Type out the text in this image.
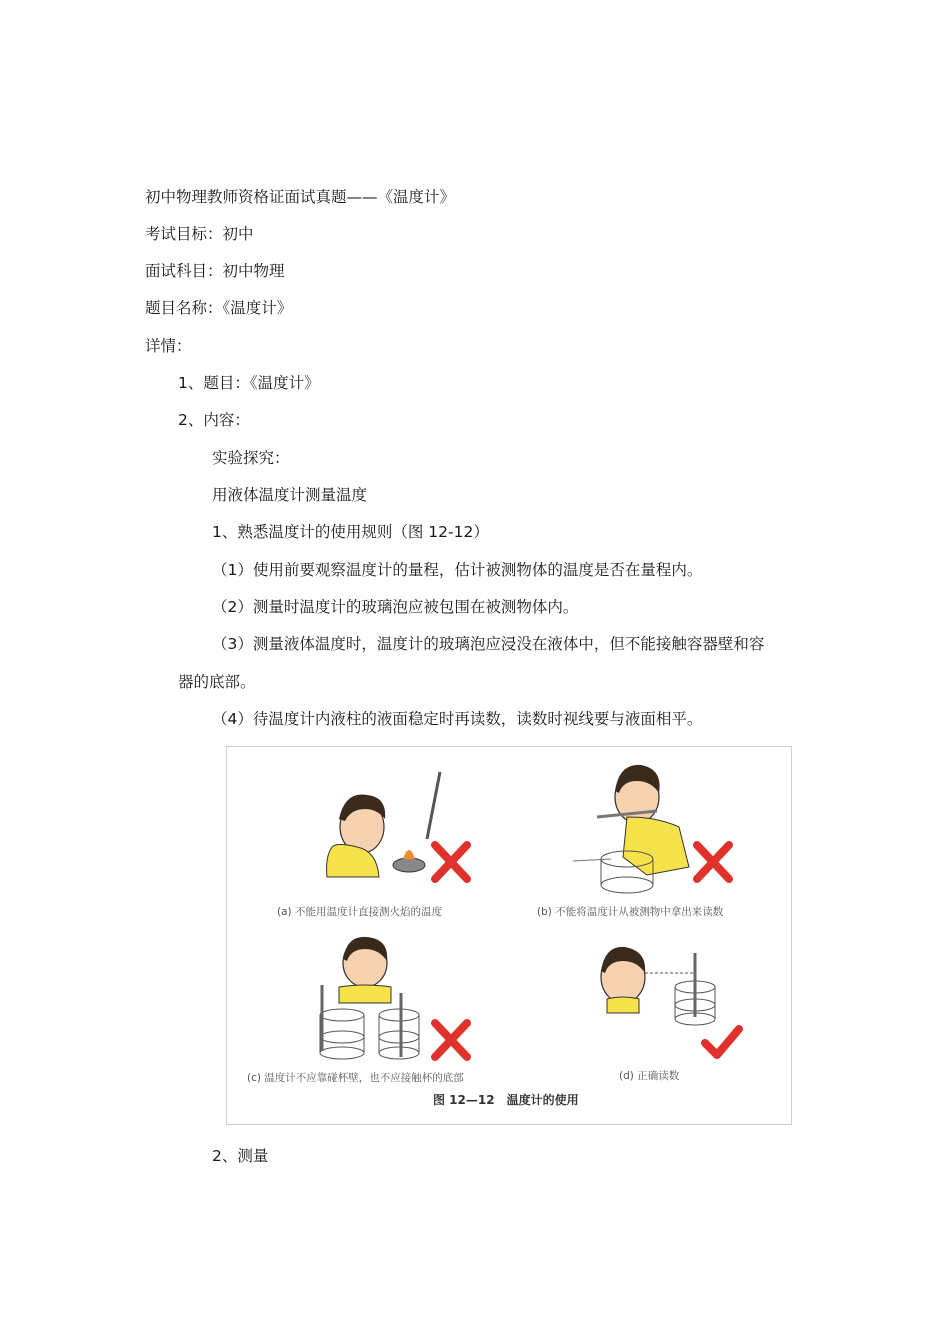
初中物理教师资格证面试真题——《温度计》
考试目标：初中
面试科目：初中物理
题目名称：《温度计》
详情：
1、题目：《温度计》
2、内容：
实验探究：
用液体温度计测量温度
1、熟悉温度计的使用规则（图 12-12）
（1）使用前要观察温度计的量程，估计被测物体的温度是否在量程内。
（2）测量时温度计的玻璃泡应被包围在被测物体内。
（3）测量液体温度时，温度计的玻璃泡应浸没在液体中，但不能接触容器壁和容
器的底部。
（4）待温度计内液柱的液面稳定时再读数，读数时视线要与液面相平。
(a) 不能用温度计直接测火焰的温度	(b) 不能将温度计从被测物中拿出来读数
(c) 温度计不应靠碰杯壁，也不应接触杯的底部	(d) 正确读数
图 12—12　温度计的使用
2、测量
